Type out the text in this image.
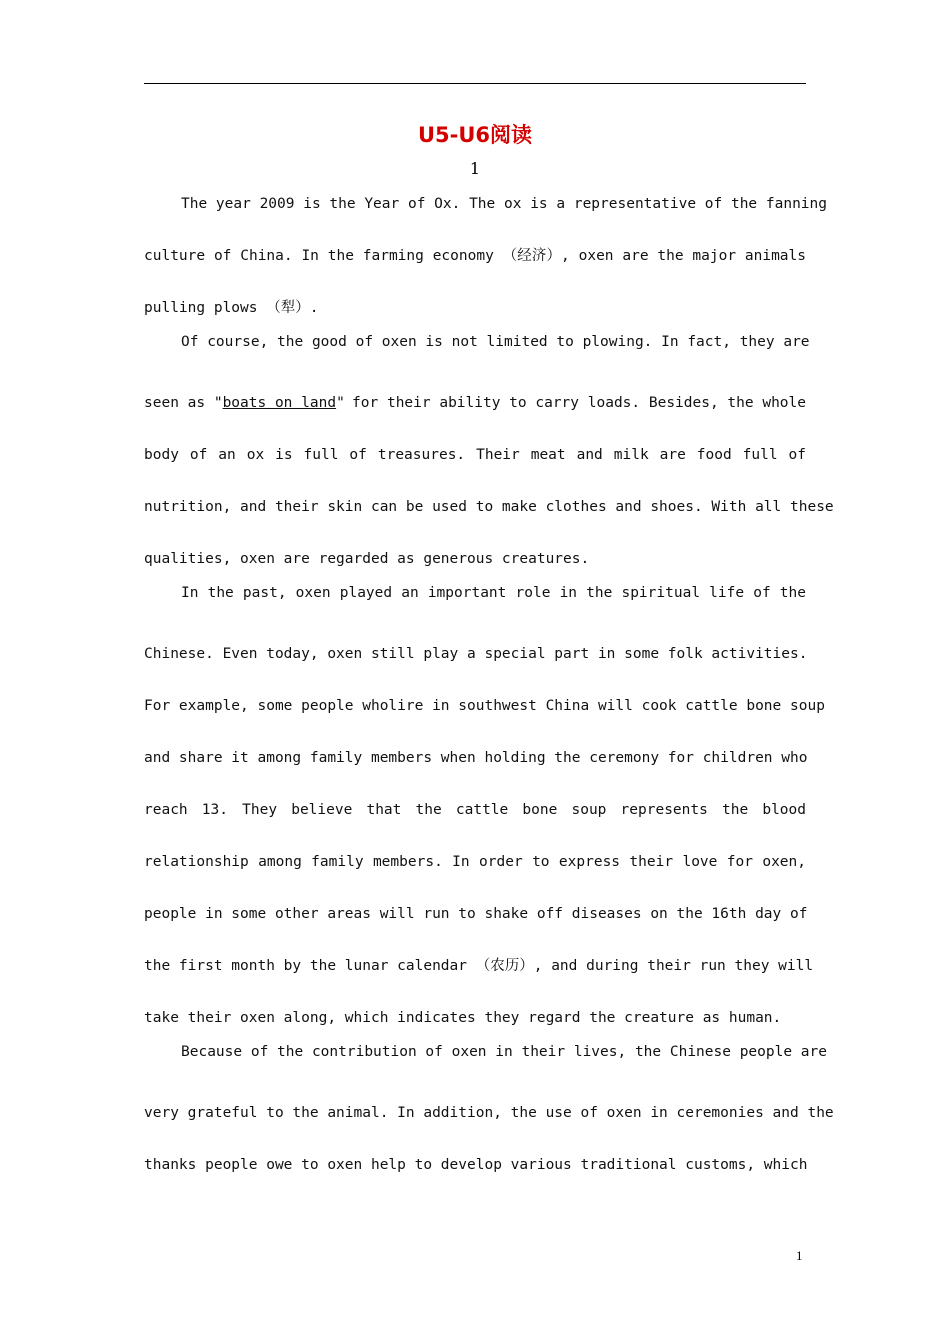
U5-U6阅读
1
The year 2009 is the Year of Ox. The ox is a representative of the fanning
culture of China. In the farming economy （经济）, oxen are the major animals
pulling plows （犁）.
Of course, the good of oxen is not limited to plowing. In fact, they are
seen as "boats on land" for their ability to carry loads. Besides, the whole
body of an ox is full of treasures. Their meat and milk are food full of
nutrition, and their skin can be used to make clothes and shoes. With all these
qualities, oxen are regarded as generous creatures.
In the past, oxen played an important role in the spiritual life of the
Chinese. Even today, oxen still play a special part in some folk activities.
For example, some people wholire in southwest China will cook cattle bone soup
and share it among family members when holding the ceremony for children who
reach 13. They believe that the cattle bone soup represents the blood
relationship among family members. In order to express their love for oxen,
people in some other areas will run to shake off diseases on the 16th day of
the first month by the lunar calendar （农历）, and during their run they will
take their oxen along, which indicates they regard the creature as human.
Because of the contribution of oxen in their lives, the Chinese people are
very grateful to the animal. In addition, the use of oxen in ceremonies and the
thanks people owe to oxen help to develop various traditional customs, which
1
